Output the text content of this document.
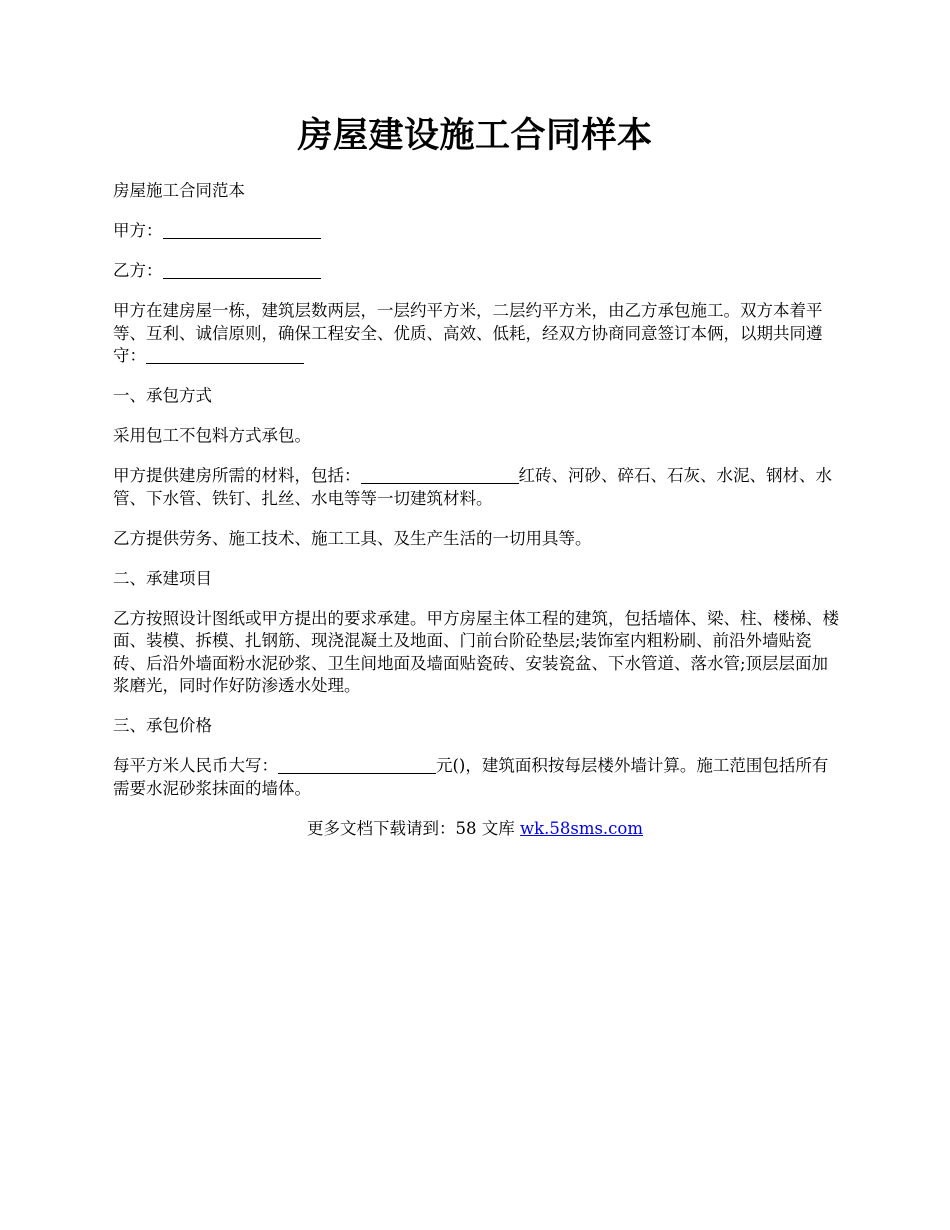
房屋建设施工合同样本

房屋施工合同范本

甲方：

乙方：

甲方在建房屋一栋，建筑层数两层，一层约平方米，二层约平方米，由乙方承包施工。双方本着平等、互利、诚信原则，确保工程安全、优质、高效、低耗，经双方协商同意签订本俩，以期共同遵守：

一、承包方式

采用包工不包料方式承包。

甲方提供建房所需的材料，包括：	红砖、河砂、碎石、石灰、水泥、钢材、水管、下水管、铁钉、扎丝、水电等等一切建筑材料。

乙方提供劳务、施工技术、施工工具、及生产生活的一切用具等。

二、承建项目

乙方按照设计图纸或甲方提出的要求承建。甲方房屋主体工程的建筑，包括墙体、梁、柱、楼梯、楼面、装模、拆模、扎钢筋、现浇混凝土及地面、门前台阶砼垫层;装饰室内粗粉刷、前沿外墙贴瓷砖、后沿外墙面粉水泥砂浆、卫生间地面及墙面贴瓷砖、安装瓷盆、下水管道、落水管;顶层层面加浆磨光，同时作好防渗透水处理。

三、承包价格

每平方米人民币大写：	元()，建筑面积按每层楼外墙计算。施工范围包括所有需要水泥砂浆抹面的墙体。

更多文档下载请到：58 文库 wk.58sms.com
